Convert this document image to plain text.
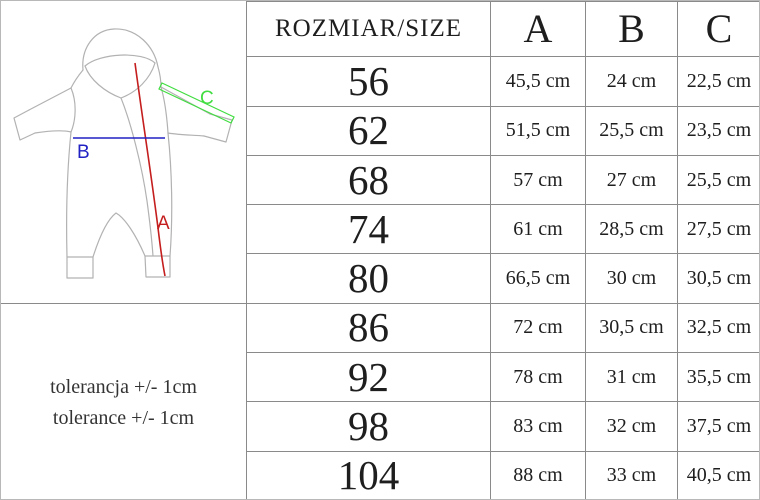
B
A
C
tolerancja +/- 1cm
tolerance +/- 1cm
ROZMIAR/SIZE	A	B	C
56	45,5 cm	24 cm	22,5 cm
62	51,5 cm	25,5 cm	23,5 cm
68	57 cm	27 cm	25,5 cm
74	61 cm	28,5 cm	27,5 cm
80	66,5 cm	30 cm	30,5 cm
86	72 cm	30,5 cm	32,5 cm
92	78 cm	31 cm	35,5 cm
98	83 cm	32 cm	37,5 cm
104	88 cm	33 cm	40,5 cm
